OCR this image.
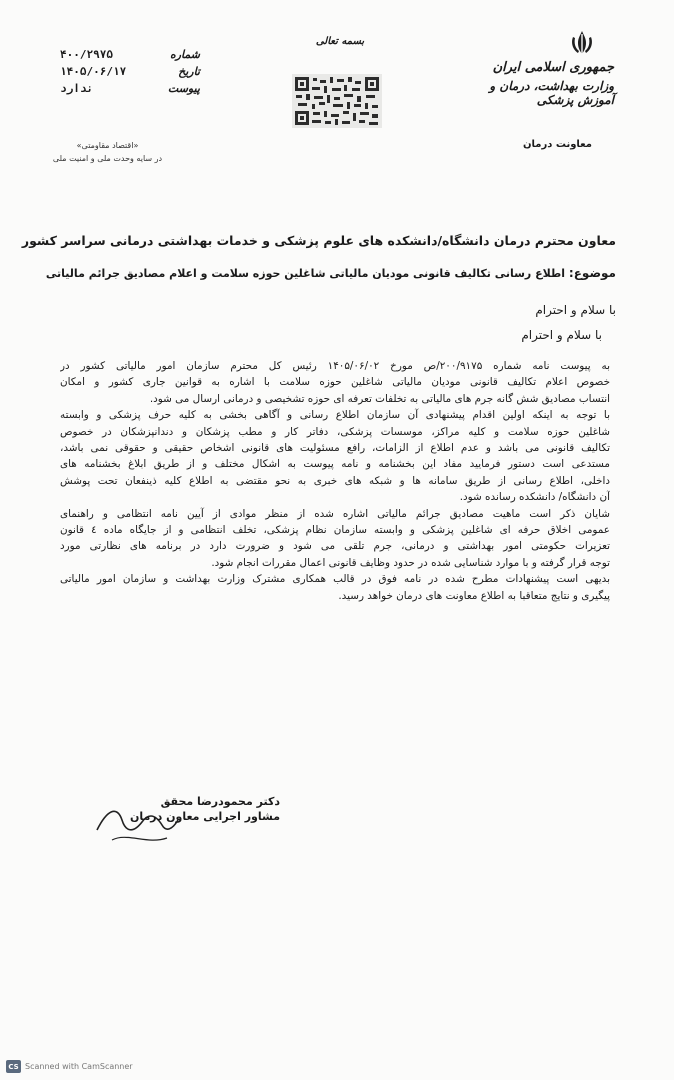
شماره
۴۰۰/۲۹۷۵
تاریخ
۱۴۰۵/۰۶/۱۷
پیوست
ندارد
«اقتصاد مقاومتی»
در سایه وحدت ملی و امنیت ملی
بسمه تعالی
جمهوری اسلامی ایران
وزارت بهداشت، درمان و آموزش پزشکی
معاونت درمان
معاون محترم درمان دانشگاه/دانشکده های علوم پزشکی و خدمات بهداشتی درمانی سراسر کشور
موضوع: اطلاع رسانی تکالیف قانونی مودیان مالیاتی شاغلین حوزه سلامت و اعلام مصادیق جرائم مالیاتی
با سلام و احترام
با سلام و احترام
به پیوست نامه شماره ۲۰۰/۹۱۷۵/ص مورخ ۱۴۰۵/۰۶/۰۲ رئیس کل محترم سازمان امور مالیاتی کشور در
خصوص اعلام تکالیف قانونی مودیان مالیاتی شاغلین حوزه سلامت با اشاره به قوانین جاری کشور و امکان
انتساب مصادیق شش گانه جرم های مالیاتی به تخلفات تعرفه ای حوزه تشخیصی و درمانی ارسال می شود.
با توجه به اینکه اولین اقدام پیشنهادی آن سازمان اطلاع رسانی و آگاهی بخشی به کلیه حرف پزشکی و وابسته
شاغلین حوزه سلامت و کلیه مراکز، موسسات پزشکی، دفاتر کار و مطب پزشکان و دندانپزشکان در خصوص
تکالیف قانونی می باشد و عدم اطلاع از الزامات، رافع مسئولیت های قانونی اشخاص حقیقی و حقوقی نمی باشد،
مستدعی است دستور فرمایید مفاد این بخشنامه و نامه پیوست به اشکال مختلف و از طریق ابلاغ بخشنامه های
داخلی، اطلاع رسانی از طریق سامانه ها و شبکه های خبری به نحو مقتضی به اطلاع کلیه ذینفعان تحت پوشش
آن دانشگاه/ دانشکده رسانده شود.
شایان ذکر است ماهیت مصادیق جرائم مالیاتی اشاره شده از منظر موادی از آیین نامه انتظامی و راهنمای
عمومی اخلاق حرفه ای شاغلین پزشکی و وابسته سازمان نظام پزشکی، تخلف انتظامی و از جایگاه ماده ٤ قانون
تعزیرات حکومتی امور بهداشتی و درمانی، جرم تلقی می شود و ضرورت دارد در برنامه های نظارتی مورد
توجه قرار گرفته و با موارد شناسایی شده در حدود وظایف قانونی اعمال مقررات انجام شود.
بدیهی است پیشنهادات مطرح شده در نامه فوق در قالب همکاری مشترک وزارت بهداشت و سازمان امور مالیاتی
پیگیری و نتایج متعاقبا به اطلاع معاونت های درمان خواهد رسید.
دکتر محمودرضا محقق
مشاور اجرایی معاون درمان
CS Scanned with CamScanner
